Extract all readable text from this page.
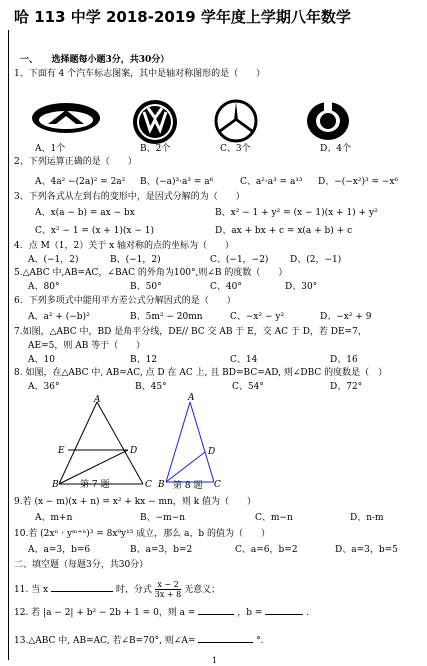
哈 113 中学 2018-2019 学年度上学期八年数学
一、　　选择题每小题3分，共30分）
1、下面有 4 个汽车标志图案，其中是轴对称图形的是（　　）
A、1个	B、2个	C、3个	D、4个
2、下列运算正确的是（　　）
A、4a² −(2a)² = 2a² B、(−a)³·a³ = a⁶	C、a²·a³ = a¹³ D、−(−x²)³ = −x⁶
3、下列各式从左到右的变形中，是因式分解的为（　　）
A、x(a − b) = ax − bx	B、x² − 1 + y² = (x − 1)(x + 1) + y²
C、x² − 1 = (x + 1)(x − 1)	D、ax + bx + c = x(a + b) + c
4．点 M（1，2）关于 x 轴对称的点的坐标为（　　）
A、(−1，2)	B、(−1，2)	C、(−1，−2) D、(2，−1)
5.△ABC 中,AB=AC，∠BAC 的外角为100°,则∠B 的度数（　　）
A、80°	B、50°	C、40°	D、30°
6．下列多项式中能用平方差公式分解因式的是（　　）
A、a² + (−b)²	B、5m² − 20mn	C、−x² − y²	D、−x² + 9
7.如图，△ABC 中，BD 是角平分线，DE// BC 交 AB 于 E，交 AC 于 D，若 DE=7，
AE=5，则 AB 等于（　　）
A、10	B、12	C、14	D、16
8. 如图，在△ABC 中, AB=AC, 点 D 在 AC 上, 且 BD=BC=AD, 则∠DBC 的度数是（　）
A、36°	B、45°	C、54°	D、72°
A
E	D
B	C
第 7 题
A
D
B	C
第 8 题
9.若 (x − m)(x + n) = x² + kx − mn，则 k 值为（　　）
A、m+n	B、−m−n	C、m−n	D、n-m
10.若 (2xⁿ · yᵐ⁺ⁿ)³ = 8x⁹y¹⁵ 成立，那么 a、b 的值为（　　）
A、a=3，b=6	B、a=3，b=2	C、a=6，b=2	D、a=3，b=5
二、填空题（每题3分，共30分）
11. 当 x	时，分式 $\frac{x - 2}{3x + 8}$ 无意义；
12. 若 |a − 2| + b² − 2b + 1 = 0，则 a =	，b =	.
13.△ABC 中, AB=AC, 若∠B=70°, 则∠A=	°.
1
